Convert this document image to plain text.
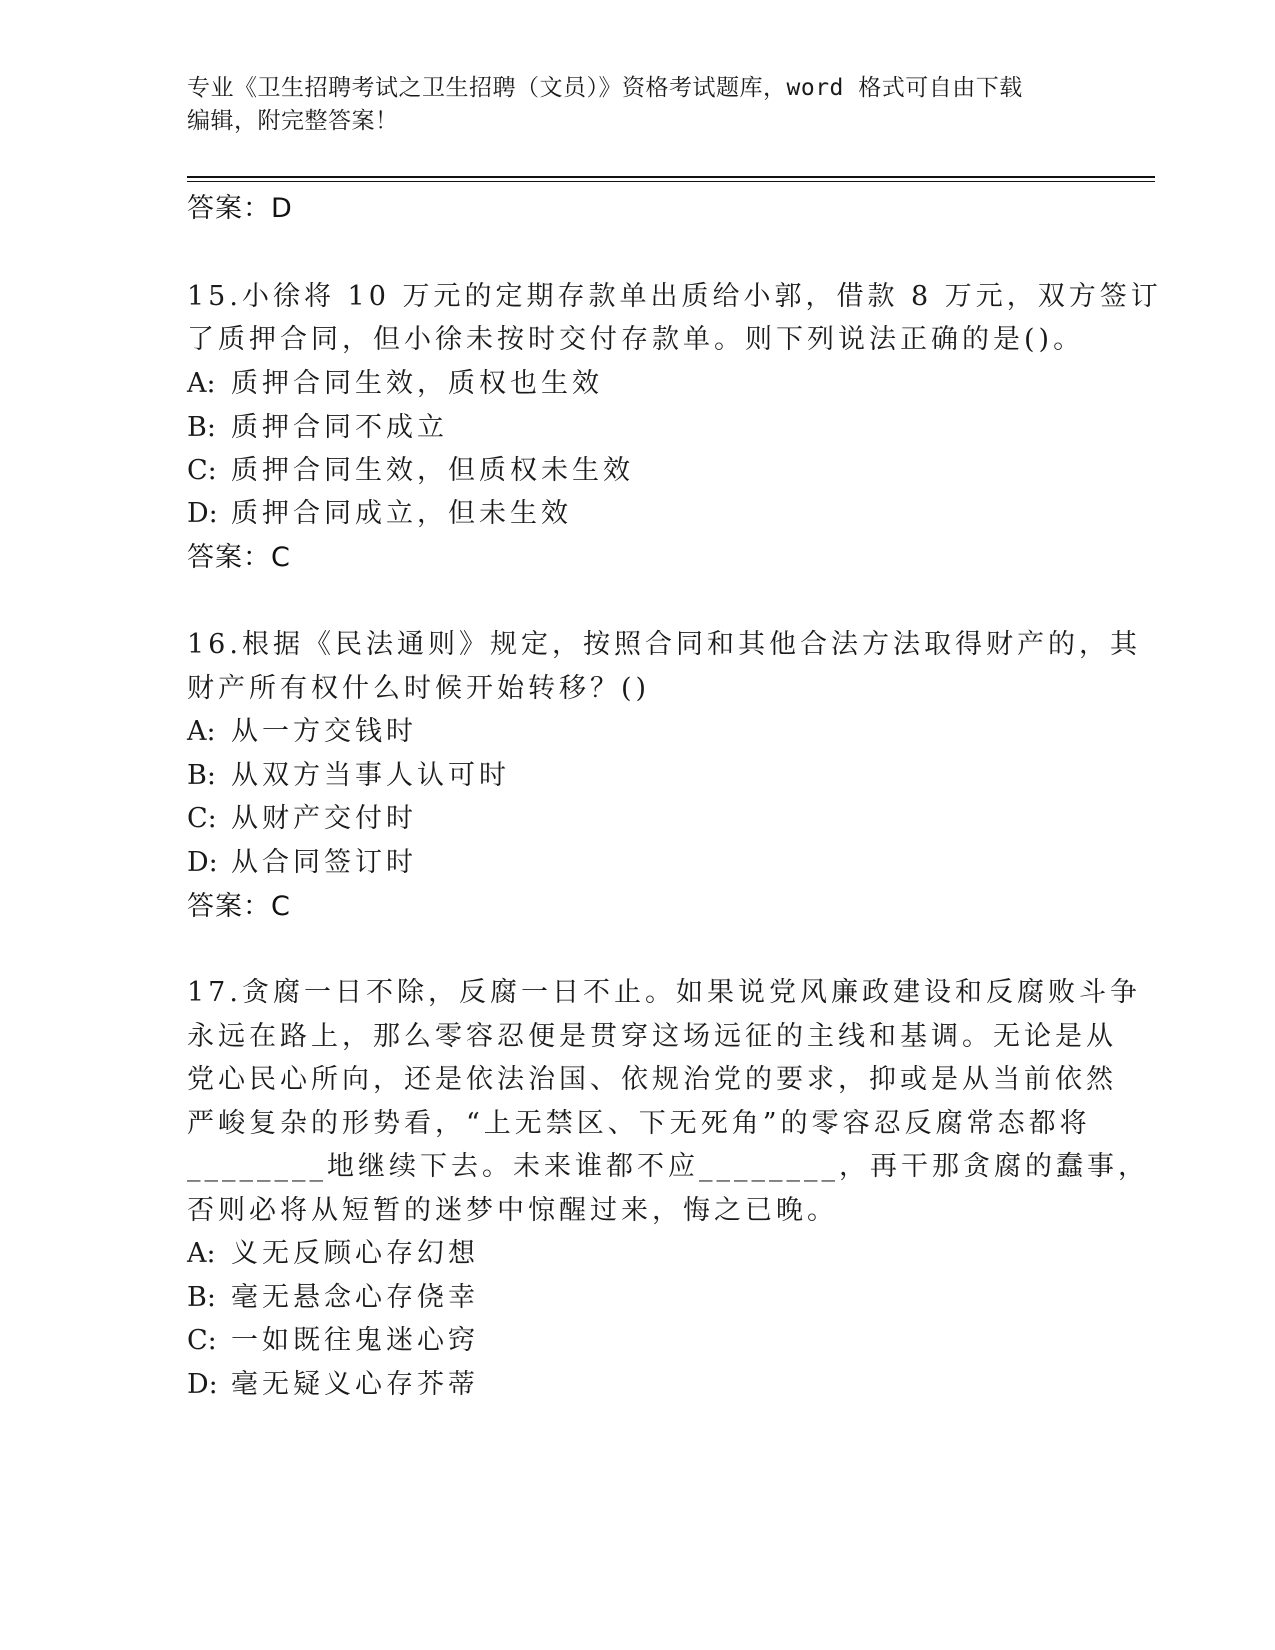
专业《卫生招聘考试之卫生招聘（文员）》资格考试题库，word 格式可自由下载
编辑，附完整答案！
答案：D
15.小徐将 10 万元的定期存款单出质给小郭，借款 8 万元，双方签订
了质押合同，但小徐未按时交付存款单。则下列说法正确的是()。
A: 质押合同生效，质权也生效
B: 质押合同不成立
C: 质押合同生效，但质权未生效
D: 质押合同成立，但未生效
答案：C
16.根据《民法通则》规定，按照合同和其他合法方法取得财产的，其
财产所有权什么时候开始转移？()
A: 从一方交钱时
B: 从双方当事人认可时
C: 从财产交付时
D: 从合同签订时
答案：C
17.贪腐一日不除，反腐一日不止。如果说党风廉政建设和反腐败斗争
永远在路上，那么零容忍便是贯穿这场远征的主线和基调。无论是从
党心民心所向，还是依法治国、依规治党的要求，抑或是从当前依然
严峻复杂的形势看，“上无禁区、下无死角”的零容忍反腐常态都将
________地继续下去。未来谁都不应________，再干那贪腐的蠢事，
否则必将从短暂的迷梦中惊醒过来，悔之已晚。
A: 义无反顾心存幻想
B: 毫无悬念心存侥幸
C: 一如既往鬼迷心窍
D: 毫无疑义心存芥蒂
